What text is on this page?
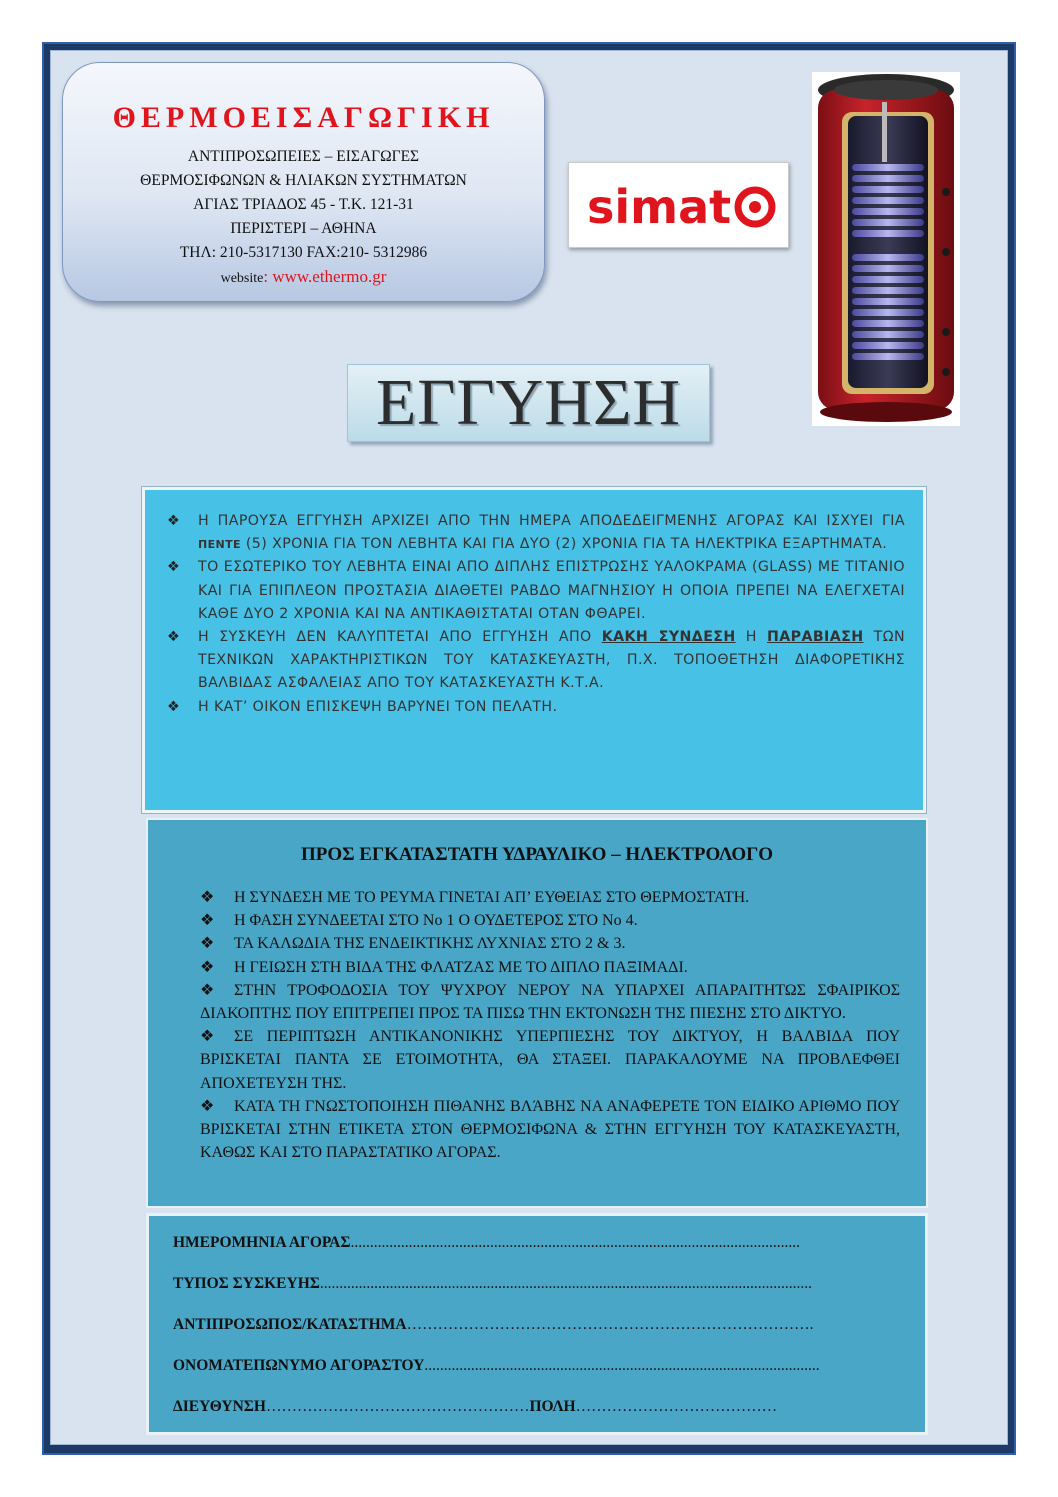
ΘΕΡΜΟΕΙΣΑΓΩΓΙΚΗ
ΑΝΤΙΠΡΟΣΩΠΕΙΕΣ – ΕΙΣΑΓΩΓΕΣ
ΘΕΡΜΟΣΙΦΩΝΩΝ & ΗΛΙΑΚΩΝ ΣΥΣΤΗΜΑΤΩΝ
ΑΓΙΑΣ ΤΡΙΑΔΟΣ 45 - Τ.Κ. 121-31
ΠΕΡΙΣΤΕΡΙ – ΑΘΗΝΑ
ΤΗΛ: 210-5317130 FAX:210- 5312986
website: www.ethermo.gr
simat
ΕΓΓΥΗΣΗ
❖ Η ΠΑΡΟΥΣΑ ΕΓΓΥΗΣΗ ΑΡΧΙΖΕΙ ΑΠΟ ΤΗΝ ΗΜΕΡΑ ΑΠΟΔΕΔΕΙΓΜΕΝΗΣ ΑΓΟΡΑΣ ΚΑΙ ΙΣΧΥΕΙ ΓΙΑ ΠΕΝΤΕ (5) ΧΡΟΝΙΑ ΓΙΑ ΤΟΝ ΛΕΒΗΤΑ ΚΑΙ ΓΙΑ ΔΥΟ (2) ΧΡΟΝΙΑ ΓΙΑ ΤΑ ΗΛΕΚΤΡΙΚΑ ΕΞΑΡΤΗΜΑΤΑ.
❖ ΤΟ ΕΣΩΤΕΡΙΚΟ ΤΟΥ ΛΕΒΗΤΑ ΕΙΝΑΙ ΑΠΟ ΔΙΠΛΗΣ ΕΠΙΣΤΡΩΣΗΣ ΥΑΛΟΚΡΑΜΑ (GLASS) ΜΕ ΤΙΤΑΝΙΟ ΚΑΙ ΓΙΑ ΕΠΙΠΛΕΟΝ ΠΡΟΣΤΑΣΙΑ ΔΙΑΘΕΤΕΙ ΡΑΒΔΟ ΜΑΓΝΗΣΙΟΥ Η ΟΠΟΙΑ ΠΡΕΠΕΙ ΝΑ ΕΛΕΓΧΕΤΑΙ ΚΑΘΕ ΔΥΟ 2 ΧΡΟΝΙΑ ΚΑΙ ΝΑ ΑΝΤΙΚΑΘΙΣΤΑΤΑΙ ΟΤΑΝ ΦΘΑΡΕΙ.
❖ Η ΣΥΣΚΕΥΗ ΔΕΝ ΚΑΛΥΠΤΕΤΑΙ ΑΠΟ ΕΓΓΥΗΣΗ ΑΠΟ ΚΑΚΗ ΣΥΝΔΕΣΗ Η ΠΑΡΑΒΙΑΣΗ ΤΩΝ ΤΕΧΝΙΚΩΝ ΧΑΡΑΚΤΗΡΙΣΤΙΚΩΝ ΤΟΥ ΚΑΤΑΣΚΕΥΑΣΤΗ, Π.Χ. ΤΟΠΟΘΕΤΗΣΗ ΔΙΑΦΟΡΕΤΙΚΗΣ ΒΑΛΒΙΔΑΣ ΑΣΦΑΛΕΙΑΣ ΑΠΟ ΤΟΥ ΚΑΤΑΣΚΕΥΑΣΤΗ Κ.Τ.Α.
❖ Η ΚΑΤ’ ΟΙΚΟΝ ΕΠΙΣΚΕΨΗ ΒΑΡΥΝΕΙ ΤΟΝ ΠΕΛΑΤΗ.
ΠΡΟΣ ΕΓΚΑΤΑΣΤΑΤΗ ΥΔΡΑΥΛΙΚΟ – ΗΛΕΚΤΡΟΛΟΓΟ
❖ Η ΣΥΝΔΕΣΗ ΜΕ ΤΟ ΡΕΥΜΑ ΓΙΝΕΤΑΙ ΑΠ’ ΕΥΘΕΙΑΣ ΣΤΟ ΘΕΡΜΟΣΤΑΤΗ.
❖ Η ΦΑΣΗ ΣΥΝΔΕΕΤΑΙ ΣΤΟ Νο 1 Ο ΟΥΔΕΤΕΡΟΣ ΣΤΟ Νο 4.
❖ ΤΑ ΚΑΛΩΔΙΑ ΤΗΣ ΕΝΔΕΙΚΤΙΚΗΣ ΛΥΧΝΙΑΣ ΣΤΟ 2 & 3.
❖ Η ΓΕΙΩΣΗ ΣΤΗ ΒΙΔΑ ΤΗΣ ΦΛΑΤΖΑΣ ΜΕ ΤΟ ΔΙΠΛΟ ΠΑΞΙΜΑΔΙ.
❖ ΣΤΗΝ ΤΡΟΦΟΔΟΣΙΑ ΤΟΥ ΨΥΧΡΟΥ ΝΕΡΟΥ ΝΑ ΥΠΑΡΧΕΙ ΑΠΑΡΑΙΤΗΤΩΣ ΣΦΑΙΡΙΚΟΣ ΔΙΑΚΟΠΤΗΣ ΠΟΥ ΕΠΙΤΡΕΠΕΙ ΠΡΟΣ ΤΑ ΠΙΣΩ ΤΗΝ ΕΚΤΟΝΩΣΗ ΤΗΣ ΠΙΕΣΗΣ ΣΤΟ ΔΙΚΤΥΟ.
❖ ΣΕ ΠΕΡΙΠΤΩΣΗ ΑΝΤΙΚΑΝΟΝΙΚΗΣ ΥΠΕΡΠΙΕΣΗΣ ΤΟΥ ΔΙΚΤΥΟΥ, Η ΒΑΛΒΙΔΑ ΠΟΥ ΒΡΙΣΚΕΤΑΙ ΠΑΝΤΑ ΣΕ ΕΤΟΙΜΟΤΗΤΑ, ΘΑ ΣΤΑΞΕΙ. ΠΑΡΑΚΑΛΟΥΜΕ ΝΑ ΠΡΟΒΛΕΦΘΕΙ ΑΠΟΧΕΤΕΥΣΗ ΤΗΣ.
❖ ΚΑΤΑ ΤΗ ΓΝΩΣΤΟΠΟΙΗΣΗ ΠΙΘΑΝΗΣ ΒΛΆΒΗΣ ΝΑ ΑΝΑΦΕΡΕΤΕ ΤΟΝ ΕΙΔΙΚΟ ΑΡΙΘΜΟ ΠΟΥ ΒΡΙΣΚΕΤΑΙ ΣΤΗΝ ΕΤΙΚΕΤΑ ΣΤΟΝ ΘΕΡΜΟΣΙΦΩΝΑ & ΣΤΗΝ ΕΓΓΥΗΣΗ ΤΟΥ ΚΑΤΑΣΚΕΥΑΣΤΗ, ΚΑΘΩΣ ΚΑΙ ΣΤΟ ΠΑΡΑΣΤΑΤΙΚΟ ΑΓΟΡΑΣ.
ΗΜΕΡΟΜΗΝΙΑ ΑΓΟΡΑΣ....................................................................................................................
ΤΥΠΟΣ ΣΥΣΚΕΥΗΣ...............................................................................................................................
ΑΝΤΙΠΡΟΣΩΠΟΣ/ΚΑΤΑΣΤΗΜΑ…………………………………………………………………….
ΟΝΟΜΑΤΕΠΩΝΥΜΟ ΑΓΟΡΑΣΤΟΥ......................................................................................................
ΔΙΕΥΘΥΝΣΗ……………………………………………ΠΟΛΗ…………………………………
